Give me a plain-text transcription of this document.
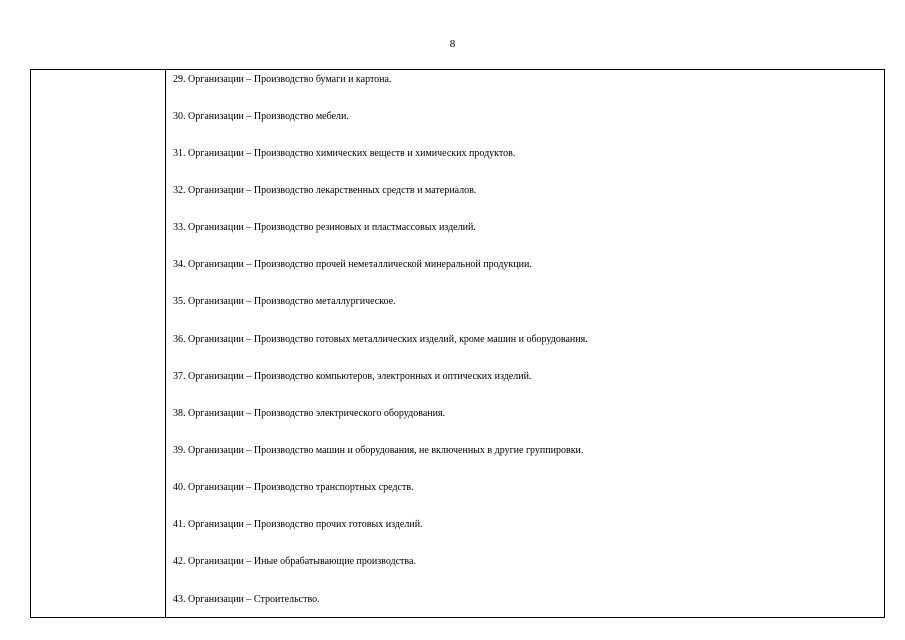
8
29. Организации – Производство бумаги и картона.
30. Организации – Производство мебели.
31. Организации – Производство химических веществ и химических продуктов.
32. Организации – Производство лекарственных средств и материалов.
33. Организации – Производство резиновых и пластмассовых изделий.
34. Организации – Производство прочей неметаллической минеральной продукции.
35. Организации – Производство металлургическое.
36. Организации – Производство готовых металлических изделий, кроме машин и оборудования.
37. Организации – Производство компьютеров, электронных и оптических изделий.
38. Организации – Производство электрического оборудования.
39. Организации – Производство машин и оборудования, не включенных в другие группировки.
40. Организации – Производство транспортных средств.
41. Организации – Производство прочих готовых изделий.
42. Организации – Иные обрабатывающие производства.
43. Организации – Строительство.
